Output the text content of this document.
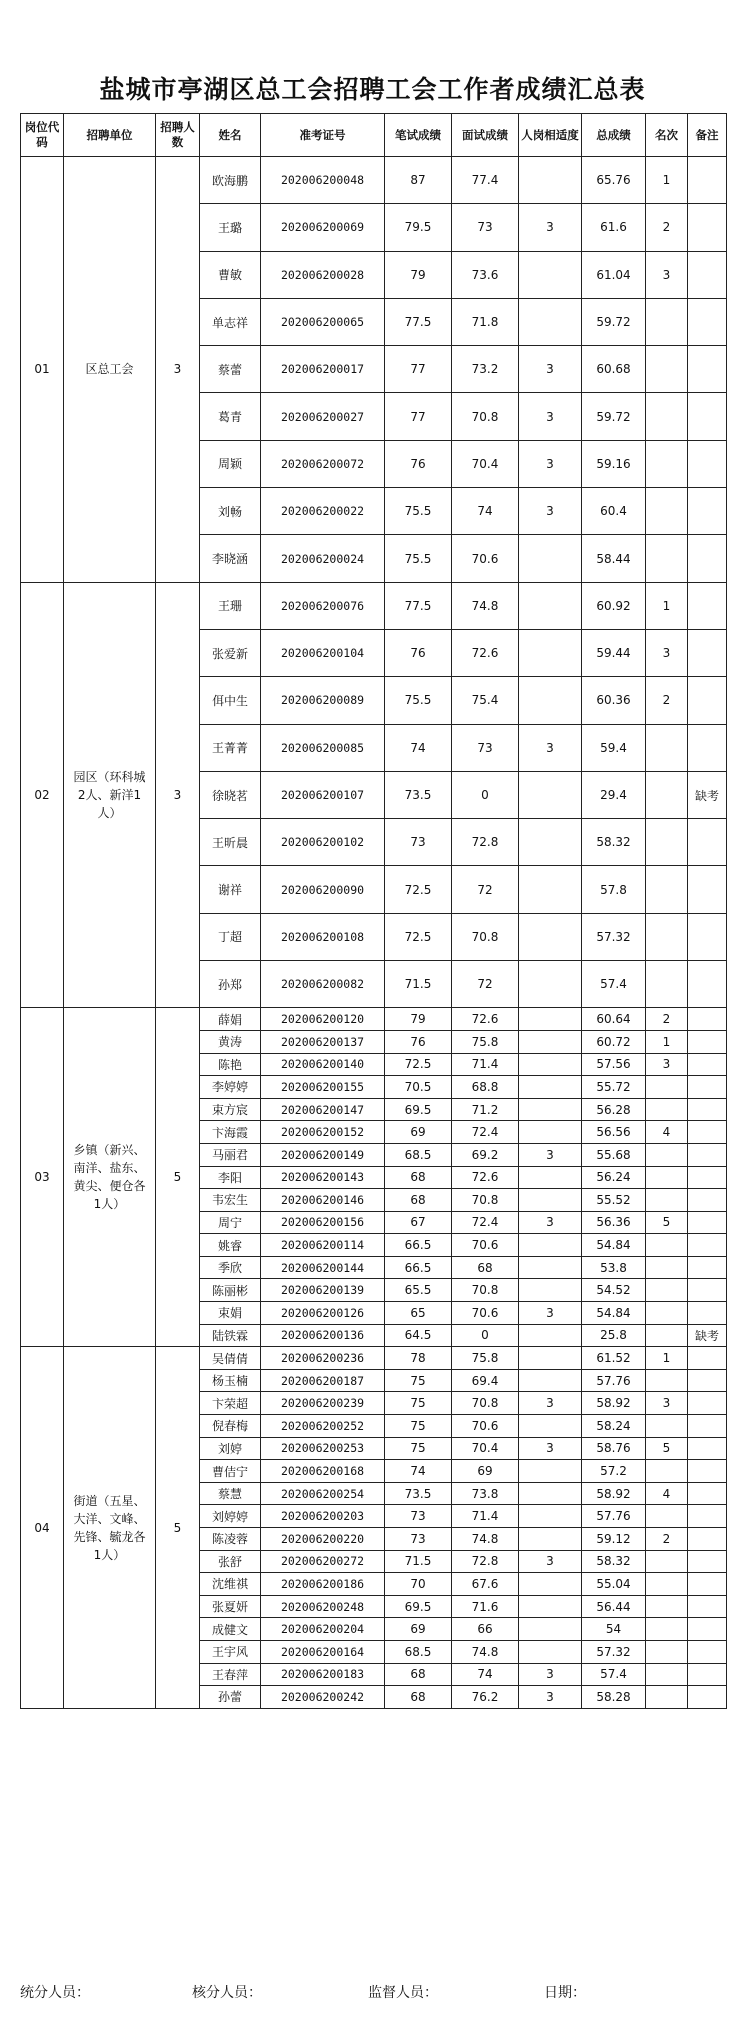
盐城市亭湖区总工会招聘工会工作者成绩汇总表
岗位代码	招聘单位	招聘人数	姓名	准考证号	笔试成绩	面试成绩	人岗相适度	总成绩	名次	备注
01	区总工会	3	欧海鹏	202006200048	87	77.4		65.76	1	
			王璐	202006200069	79.5	73	3	61.6	2	
			曹敏	202006200028	79	73.6		61.04	3	
			单志祥	202006200065	77.5	71.8		59.72		
			蔡蕾	202006200017	77	73.2	3	60.68		
			葛青	202006200027	77	70.8	3	59.72		
			周颖	202006200072	76	70.4	3	59.16		
			刘畅	202006200022	75.5	74	3	60.4		
			李晓涵	202006200024	75.5	70.6		58.44		
02	园区（环科城2人、新洋1人）	3	王珊	202006200076	77.5	74.8		60.92	1	
			张爱新	202006200104	76	72.6		59.44	3	
			佴中生	202006200089	75.5	75.4		60.36	2	
			王菁菁	202006200085	74	73	3	59.4		
			徐晓茗	202006200107	73.5	0		29.4		缺考
			王昕晨	202006200102	73	72.8		58.32		
			谢祥	202006200090	72.5	72		57.8		
			丁超	202006200108	72.5	70.8		57.32		
			孙郑	202006200082	71.5	72		57.4		
03	乡镇（新兴、南洋、盐东、黄尖、便仓各1人）	5	薛娟	202006200120	79	72.6		60.64	2	
			黄涛	202006200137	76	75.8		60.72	1	
			陈艳	202006200140	72.5	71.4		57.56	3	
			李婷婷	202006200155	70.5	68.8		55.72		
			束方宸	202006200147	69.5	71.2		56.28		
			卞海霞	202006200152	69	72.4		56.56	4	
			马丽君	202006200149	68.5	69.2	3	55.68		
			李阳	202006200143	68	72.6		56.24		
			韦宏生	202006200146	68	70.8		55.52		
			周宁	202006200156	67	72.4	3	56.36	5	
			姚睿	202006200114	66.5	70.6		54.84		
			季欣	202006200144	66.5	68		53.8		
			陈丽彬	202006200139	65.5	70.8		54.52		
			束娟	202006200126	65	70.6	3	54.84		
			陆铁霖	202006200136	64.5	0		25.8		缺考
04	街道（五星、大洋、文峰、先锋、毓龙各1人）	5	吴倩倩	202006200236	78	75.8		61.52	1	
			杨玉楠	202006200187	75	69.4		57.76		
			卞荣超	202006200239	75	70.8	3	58.92	3	
			倪春梅	202006200252	75	70.6		58.24		
			刘婷	202006200253	75	70.4	3	58.76	5	
			曹佶宁	202006200168	74	69		57.2		
			蔡慧	202006200254	73.5	73.8		58.92	4	
			刘婷婷	202006200203	73	71.4		57.76		
			陈凌蓉	202006200220	73	74.8		59.12	2	
			张舒	202006200272	71.5	72.8	3	58.32		
			沈维祺	202006200186	70	67.6		55.04		
			张夏妍	202006200248	69.5	71.6		56.44		
			成健文	202006200204	69	66		54		
			王宇风	202006200164	68.5	74.8		57.32		
			王春萍	202006200183	68	74	3	57.4		
			孙蕾	202006200242	68	76.2	3	58.28		
统分人员：	核分人员：	监督人员：	日期：
